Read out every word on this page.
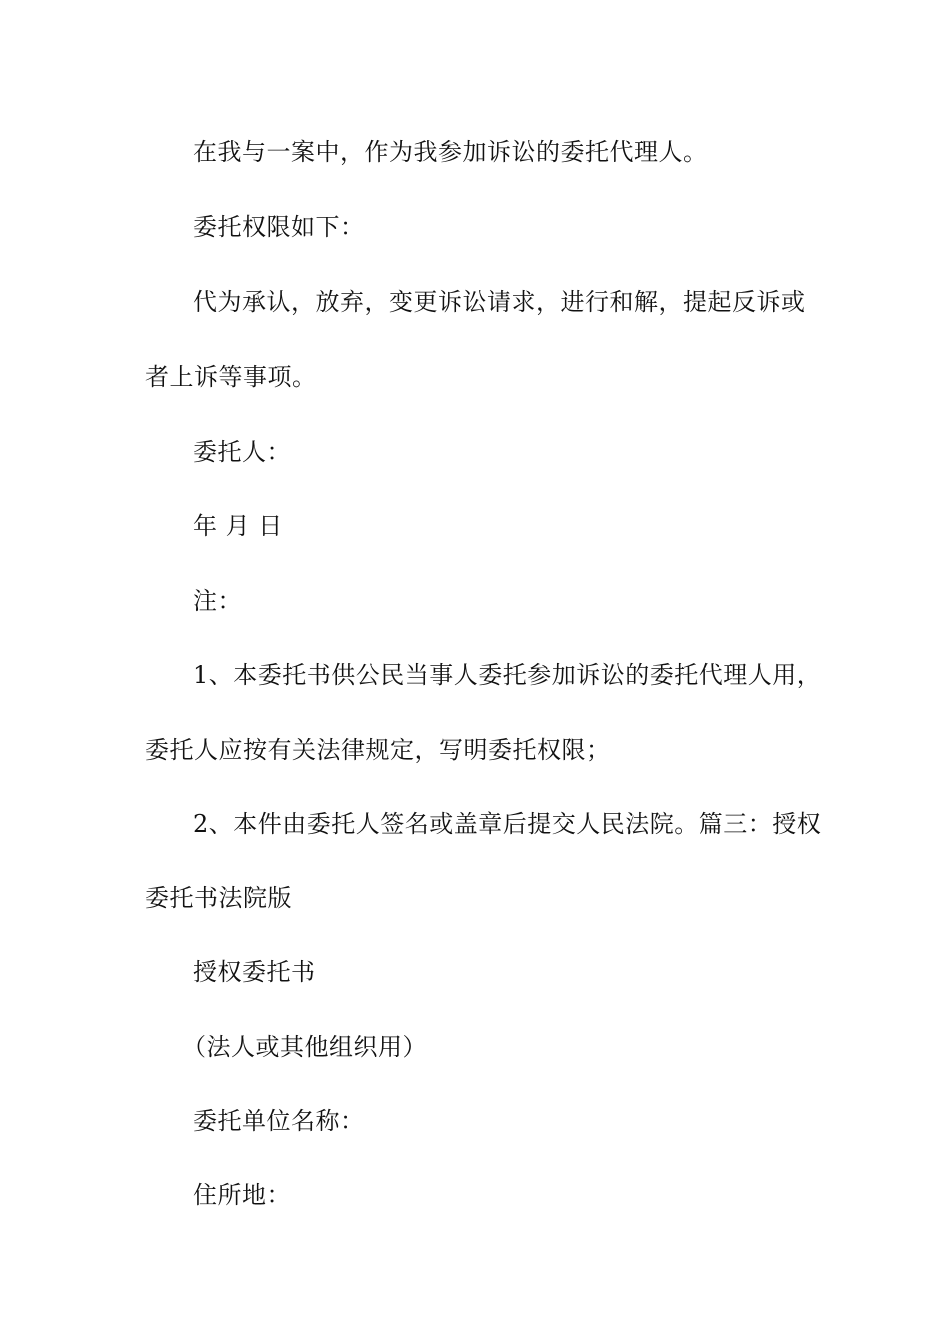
在我与一案中，作为我参加诉讼的委托代理人。
委托权限如下：
代为承认，放弃，变更诉讼请求，进行和解，提起反诉或
者上诉等事项。
委托人：
年 月 日
注：
1、本委托书供公民当事人委托参加诉讼的委托代理人用，
委托人应按有关法律规定，写明委托权限；
2、本件由委托人签名或盖章后提交人民法院。篇三：授权
委托书法院版
授权委托书
（法人或其他组织用）
委托单位名称：
住所地：
